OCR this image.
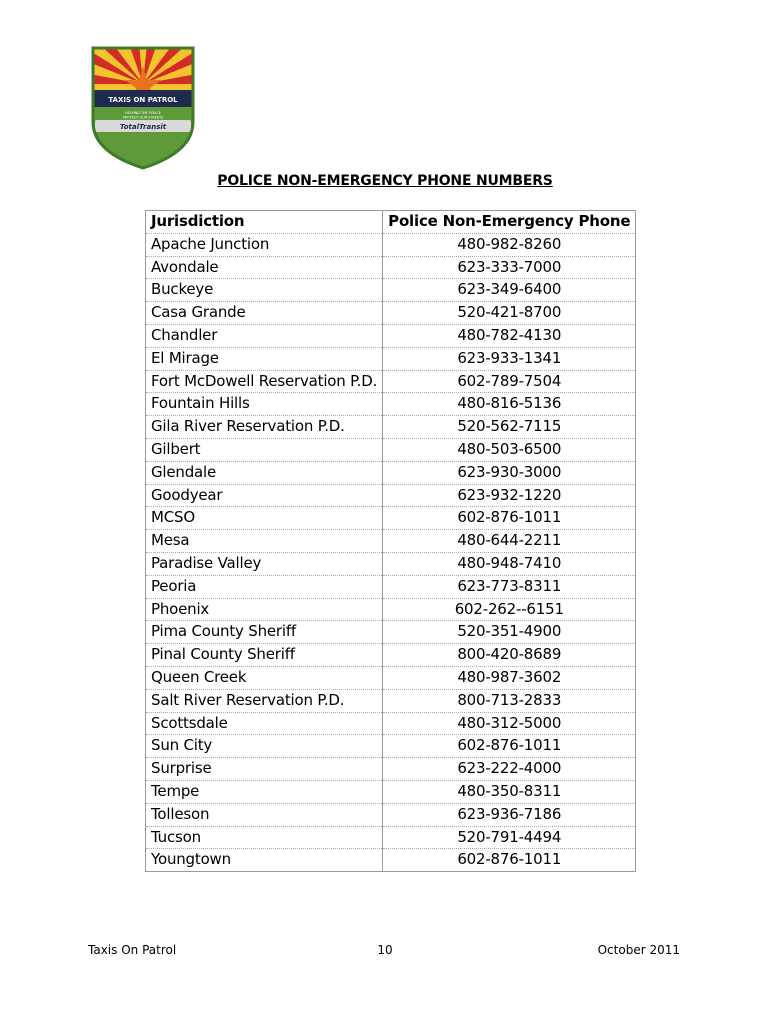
TAXIS ON PATROL
HELPING THE POLICE
PROTECT OUR STREETS
TotalTransit
POLICE NON-EMERGENCY PHONE NUMBERS
Jurisdiction	Police Non-Emergency Phone
Apache Junction	480-982-8260
Avondale	623-333-7000
Buckeye	623-349-6400
Casa Grande	520-421-8700
Chandler	480-782-4130
El Mirage	623-933-1341
Fort McDowell Reservation P.D.	602-789-7504
Fountain Hills	480-816-5136
Gila River Reservation P.D.	520-562-7115
Gilbert	480-503-6500
Glendale	623-930-3000
Goodyear	623-932-1220
MCSO	602-876-1011
Mesa	480-644-2211
Paradise Valley	480-948-7410
Peoria	623-773-8311
Phoenix	602-262--6151
Pima County Sheriff	520-351-4900
Pinal County Sheriff	800-420-8689
Queen Creek	480-987-3602
Salt River Reservation P.D.	800-713-2833
Scottsdale	480-312-5000
Sun City	602-876-1011
Surprise	623-222-4000
Tempe	480-350-8311
Tolleson	623-936-7186
Tucson	520-791-4494
Youngtown	602-876-1011
Taxis On Patrol	10	October 2011
